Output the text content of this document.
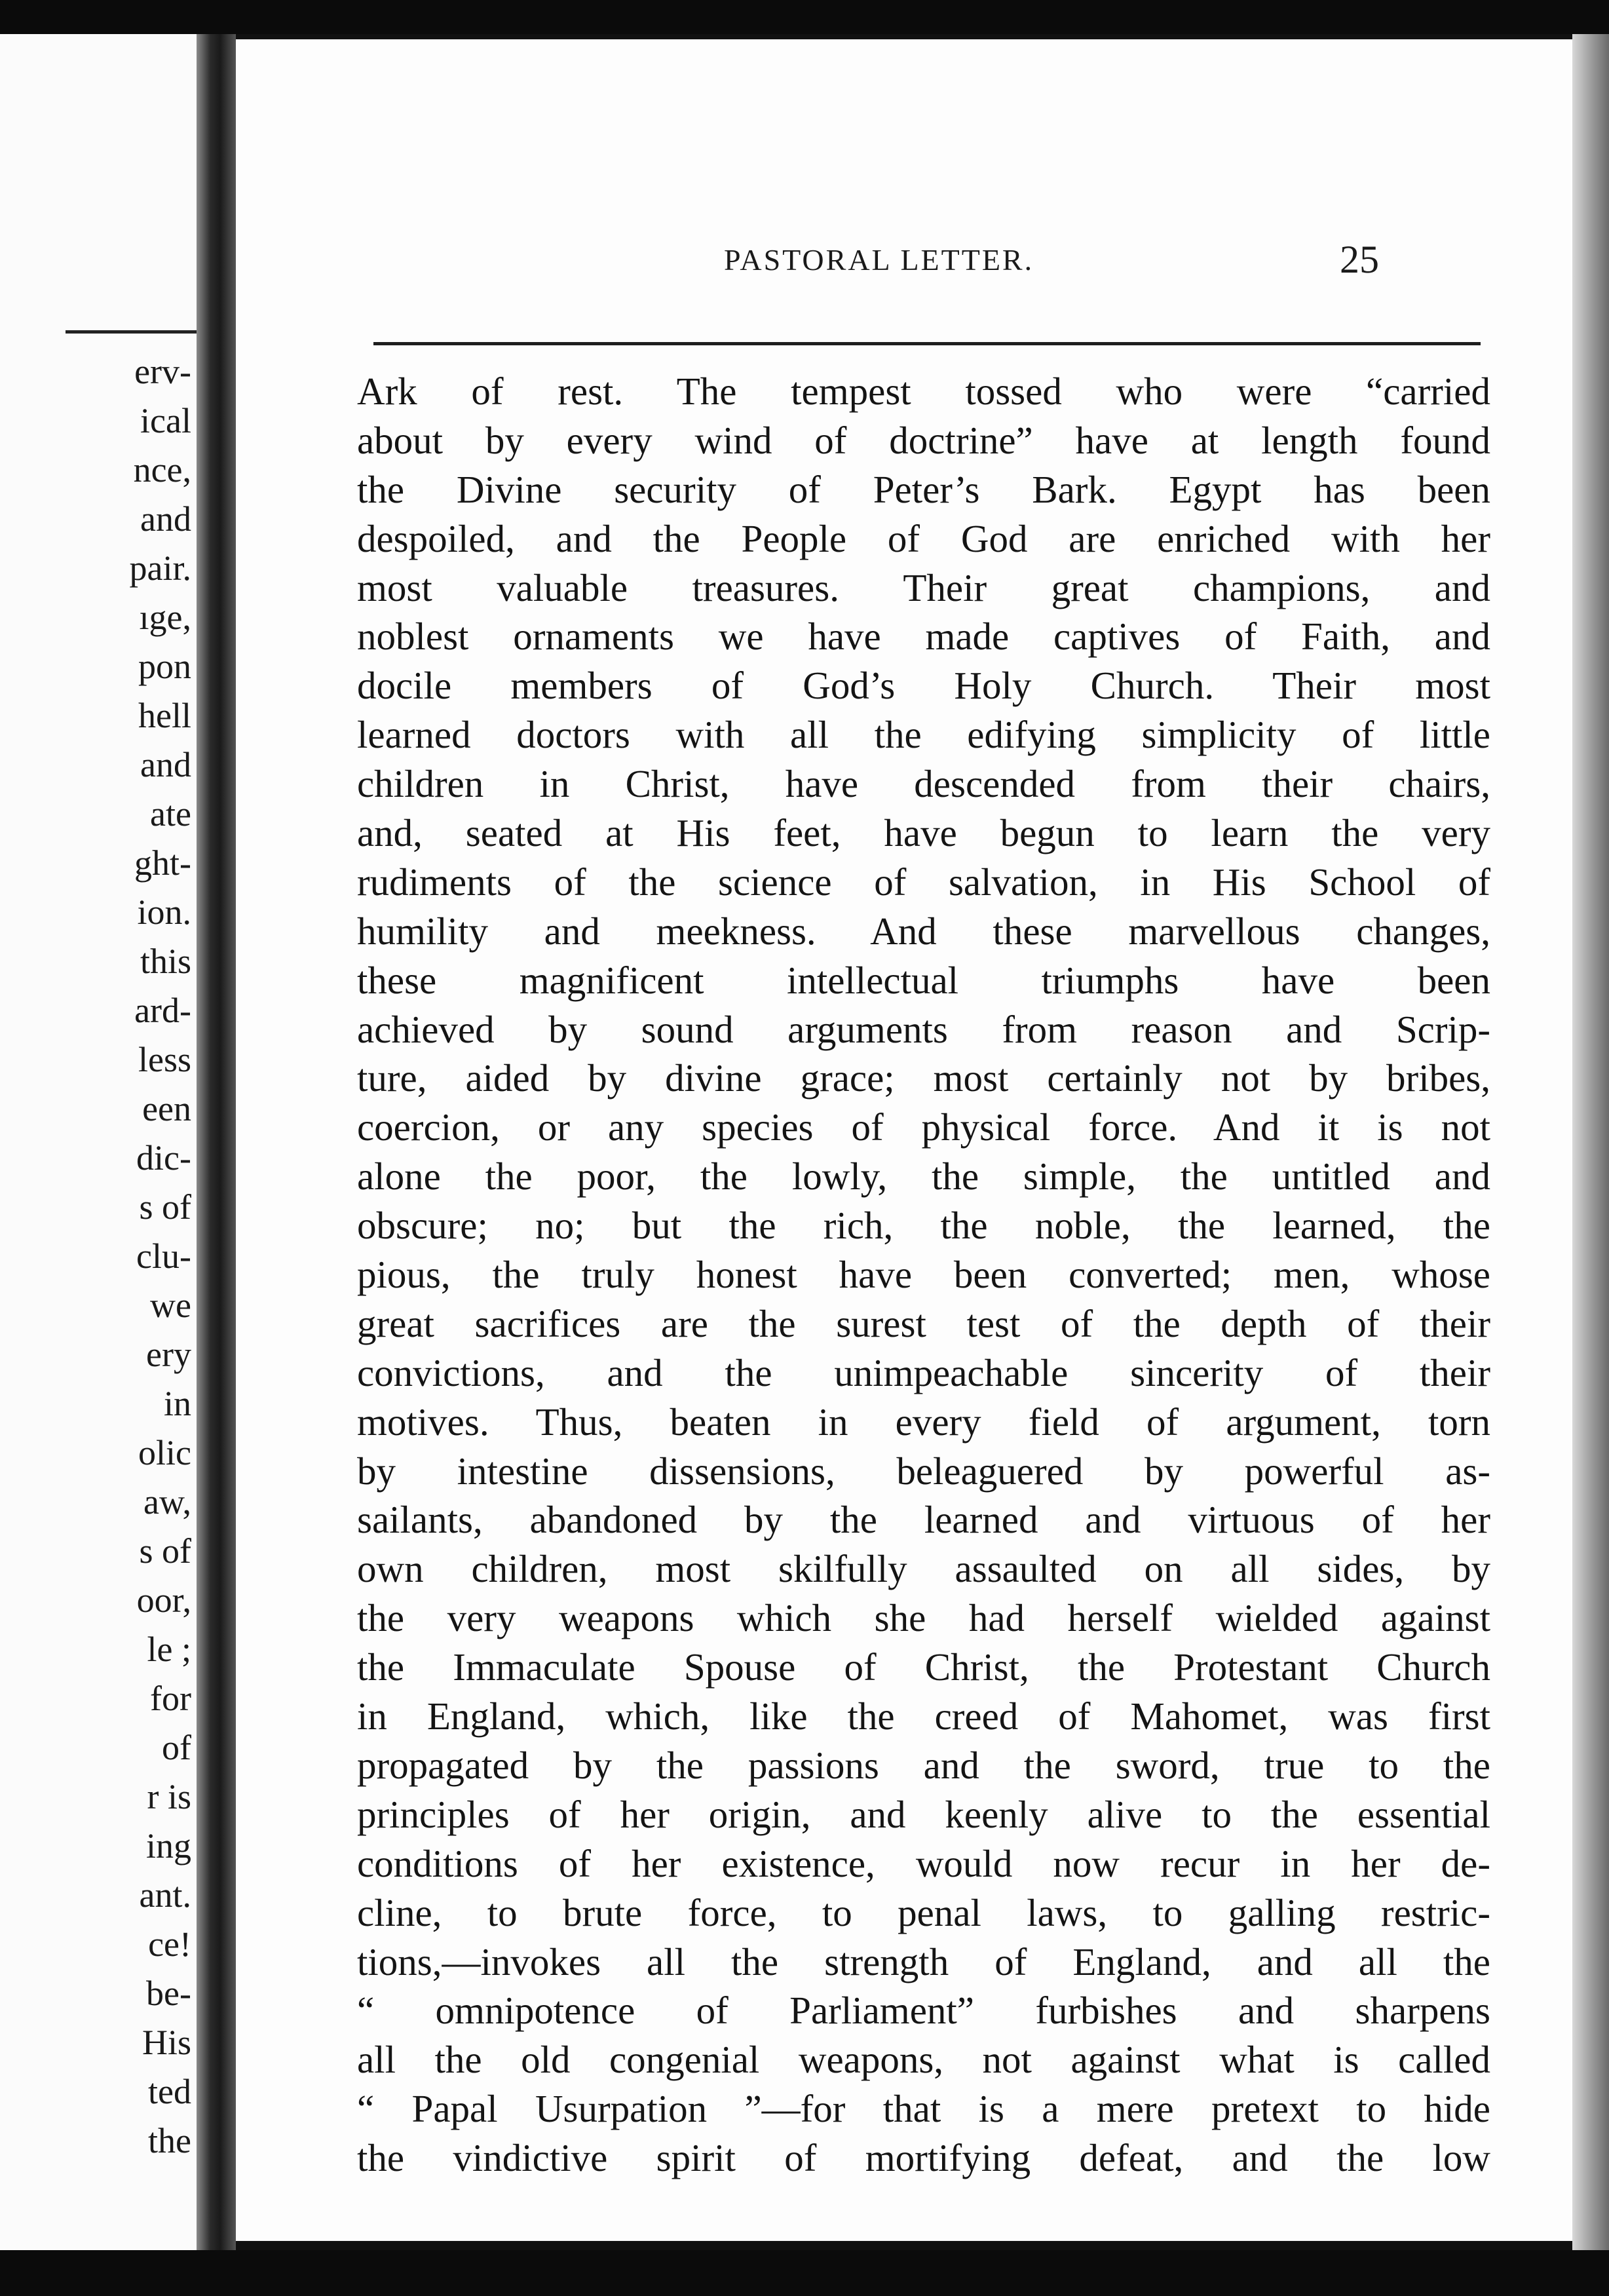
erv-
ical
nce,
and
pair.
ıge,
pon
hell
and
ate
ght-
ion.
this
ard-
less
een
dic-
s of
clu-
we
ery
in
olic
aw,
s of
oor,
le ;
for
of
r is
ing
ant.
ce!
be-
His
ted
the
PASTORAL LETTER.	25
Ark of rest. The tempest tossed who were “carried
about by every wind of doctrine” have at length found
the Divine security of Peter’s Bark. Egypt has been
despoiled, and the People of God are enriched with her
most valuable treasures. Their great champions, and
noblest ornaments we have made captives of Faith, and
docile members of God’s Holy Church. Their most
learned doctors with all the edifying simplicity of little
children in Christ, have descended from their chairs,
and, seated at His feet, have begun to learn the very
rudiments of the science of salvation, in His School of
humility and meekness. And these marvellous changes,
these magnificent intellectual triumphs have been
achieved by sound arguments from reason and Scrip-
ture, aided by divine grace; most certainly not by bribes,
coercion, or any species of physical force. And it is not
alone the poor, the lowly, the simple, the untitled and
obscure; no; but the rich, the noble, the learned, the
pious, the truly honest have been converted; men, whose
great sacrifices are the surest test of the depth of their
convictions, and the unimpeachable sincerity of their
motives. Thus, beaten in every field of argument, torn
by intestine dissensions, beleaguered by powerful as-
sailants, abandoned by the learned and virtuous of her
own children, most skilfully assaulted on all sides, by
the very weapons which she had herself wielded against
the Immaculate Spouse of Christ, the Protestant Church
in England, which, like the creed of Mahomet, was first
propagated by the passions and the sword, true to the
principles of her origin, and keenly alive to the essential
conditions of her existence, would now recur in her de-
cline, to brute force, to penal laws, to galling restric-
tions,—invokes all the strength of England, and all the
“ omnipotence of Parliament” furbishes and sharpens
all the old congenial weapons, not against what is called
“ Papal Usurpation ”—for that is a mere pretext to hide
the vindictive spirit of mortifying defeat, and the low
